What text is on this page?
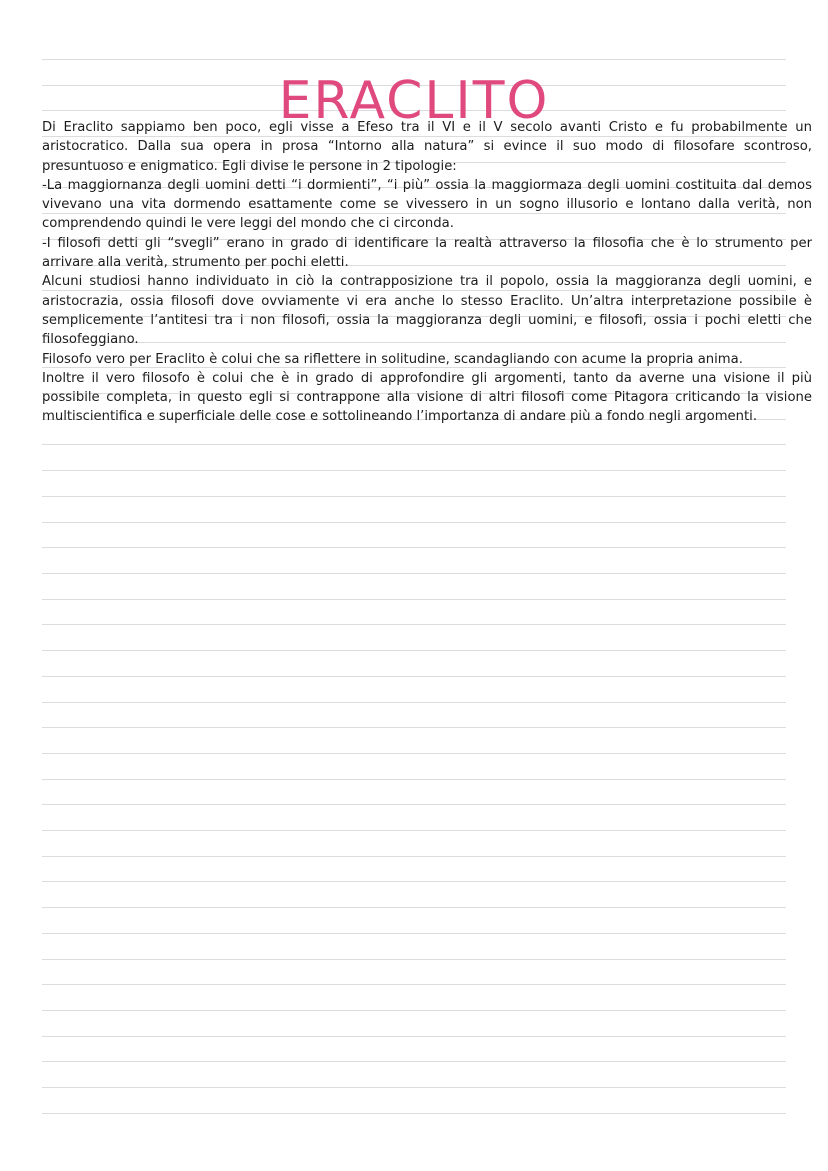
ERACLITO

Di Eraclito sappiamo ben poco, egli visse a Efeso tra il VI e il V secolo avanti Cristo e fu probabilmente un aristocratico. Dalla sua opera in prosa “Intorno alla natura” si evince il suo modo di filosofare scontroso, presuntuoso e enigmatico. Egli divise le persone in 2 tipologie:

-La maggiornanza degli uomini detti “i dormienti”, “i più” ossia la maggiormaza degli uomini costituita dal demos vivevano una vita dormendo esattamente come se vivessero in un sogno illusorio e lontano dalla verità, non comprendendo quindi le vere leggi del mondo che ci circonda.

-I filosofi detti gli “svegli” erano in grado di identificare la realtà attraverso la filosofia che è lo strumento per arrivare alla verità, strumento per pochi eletti.

Alcuni studiosi hanno individuato in ciò la contrapposizione tra il popolo, ossia la maggioranza degli uomini, e aristocrazia, ossia filosofi dove ovviamente vi era anche lo stesso Eraclito. Un’altra interpretazione possibile è semplicemente l’antitesi tra i non filosofi, ossia la maggioranza degli uomini, e filosofi, ossia i pochi eletti che filosofeggiano.

Filosofo vero per Eraclito è colui che sa riflettere in solitudine, scandagliando con acume la propria anima.

Inoltre il vero filosofo è colui che è in grado di approfondire gli argomenti, tanto da averne una visione il più possibile completa, in questo egli si contrappone alla visione di altri filosofi come Pitagora criticando la visione multiscientifica e superficiale delle cose e sottolineando l’importanza di andare più a fondo negli argomenti.
